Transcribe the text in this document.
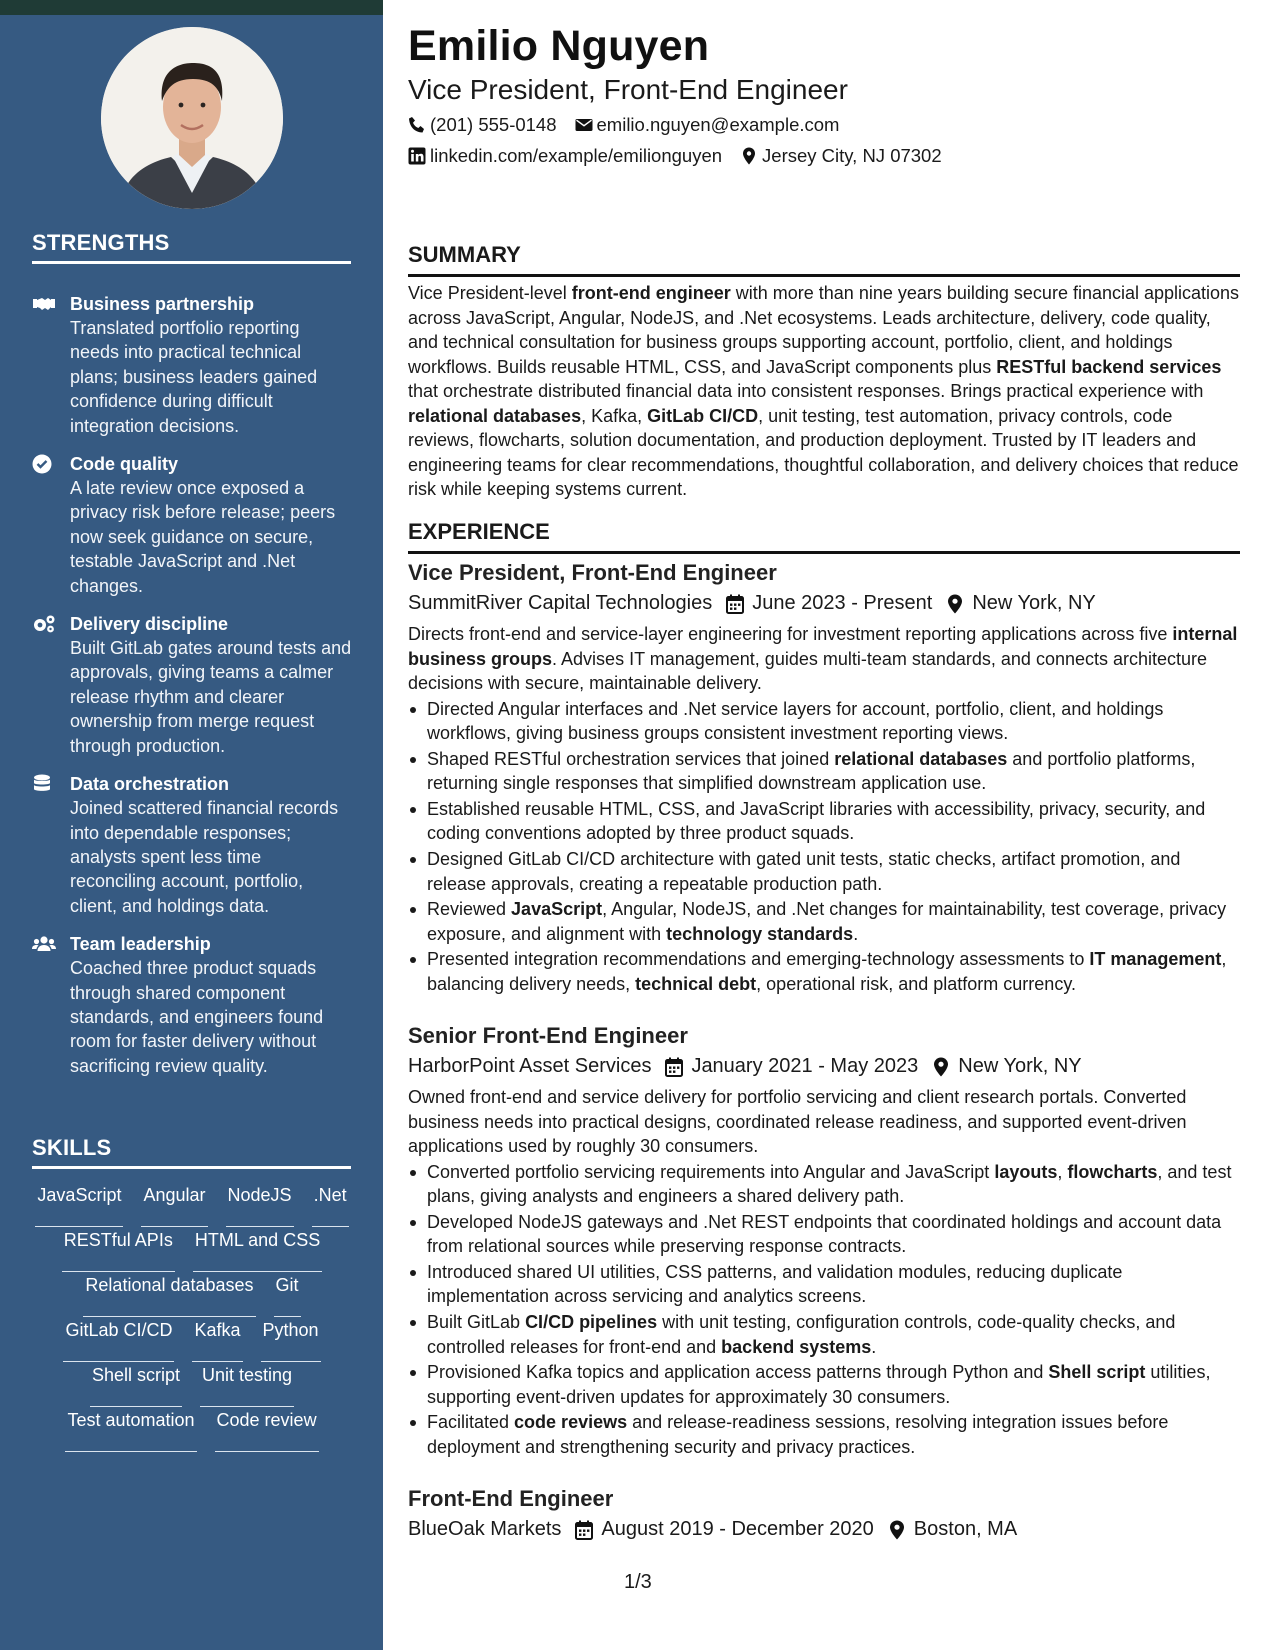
STRENGTHS
Business partnership
Translated portfolio reporting needs into practical technical plans; business leaders gained confidence during difficult integration decisions.
Code quality
A late review once exposed a privacy risk before release; peers now seek guidance on secure, testable JavaScript and .Net changes.
Delivery discipline
Built GitLab gates around tests and approvals, giving teams a calmer release rhythm and clearer ownership from merge request through production.
Data orchestration
Joined scattered financial records into dependable responses; analysts spent less time reconciling account, portfolio, client, and holdings data.
Team leadership
Coached three product squads through shared component standards, and engineers found room for faster delivery without sacrificing review quality.
SKILLS
JavaScript Angular NodeJS .Net
RESTful APIs HTML and CSS
Relational databases Git
GitLab CI/CD Kafka Python
Shell script Unit testing
Test automation Code review
Emilio Nguyen
Vice President, Front-End Engineer
(201) 555-0148 emilio.nguyen@example.com
linkedin.com/example/emilionguyen Jersey City, NJ 07302
SUMMARY

Vice President-level front-end engineer with more than nine years building secure financial applications across JavaScript, Angular, NodeJS, and .Net ecosystems. Leads architecture, delivery, code quality, and technical consultation for business groups supporting account, portfolio, client, and holdings workflows. Builds reusable HTML, CSS, and JavaScript components plus RESTful backend services that orchestrate distributed financial data into consistent responses. Brings practical experience with relational databases, Kafka, GitLab CI/CD, unit testing, test automation, privacy controls, code reviews, flowcharts, solution documentation, and production deployment. Trusted by IT leaders and engineering teams for clear recommendations, thoughtful collaboration, and delivery choices that reduce risk while keeping systems current.

EXPERIENCE
Vice President, Front-End Engineer
SummitRiver Capital Technologies June 2023 - Present New York, NY

Directs front-end and service-layer engineering for investment reporting applications across five internal business groups. Advises IT management, guides multi-team standards, and connects architecture decisions with secure, maintainable delivery.

Directed Angular interfaces and .Net service layers for account, portfolio, client, and holdings workflows, giving business groups consistent investment reporting views.
Shaped RESTful orchestration services that joined relational databases and portfolio platforms, returning single responses that simplified downstream application use.
Established reusable HTML, CSS, and JavaScript libraries with accessibility, privacy, security, and coding conventions adopted by three product squads.
Designed GitLab CI/CD architecture with gated unit tests, static checks, artifact promotion, and release approvals, creating a repeatable production path.
Reviewed JavaScript, Angular, NodeJS, and .Net changes for maintainability, test coverage, privacy exposure, and alignment with technology standards.
Presented integration recommendations and emerging-technology assessments to IT management, balancing delivery needs, technical debt, operational risk, and platform currency.
Senior Front-End Engineer
HarborPoint Asset Services January 2021 - May 2023 New York, NY

Owned front-end and service delivery for portfolio servicing and client research portals. Converted business needs into practical designs, coordinated release readiness, and supported event-driven applications used by roughly 30 consumers.

Converted portfolio servicing requirements into Angular and JavaScript layouts, flowcharts, and test plans, giving analysts and engineers a shared delivery path.
Developed NodeJS gateways and .Net REST endpoints that coordinated holdings and account data from relational sources while preserving response contracts.
Introduced shared UI utilities, CSS patterns, and validation modules, reducing duplicate implementation across servicing and analytics screens.
Built GitLab CI/CD pipelines with unit testing, configuration controls, code-quality checks, and controlled releases for front-end and backend systems.
Provisioned Kafka topics and application access patterns through Python and Shell script utilities, supporting event-driven updates for approximately 30 consumers.
Facilitated code reviews and release-readiness sessions, resolving integration issues before deployment and strengthening security and privacy practices.
Front-End Engineer
BlueOak Markets August 2019 - December 2020 Boston, MA
1/3
